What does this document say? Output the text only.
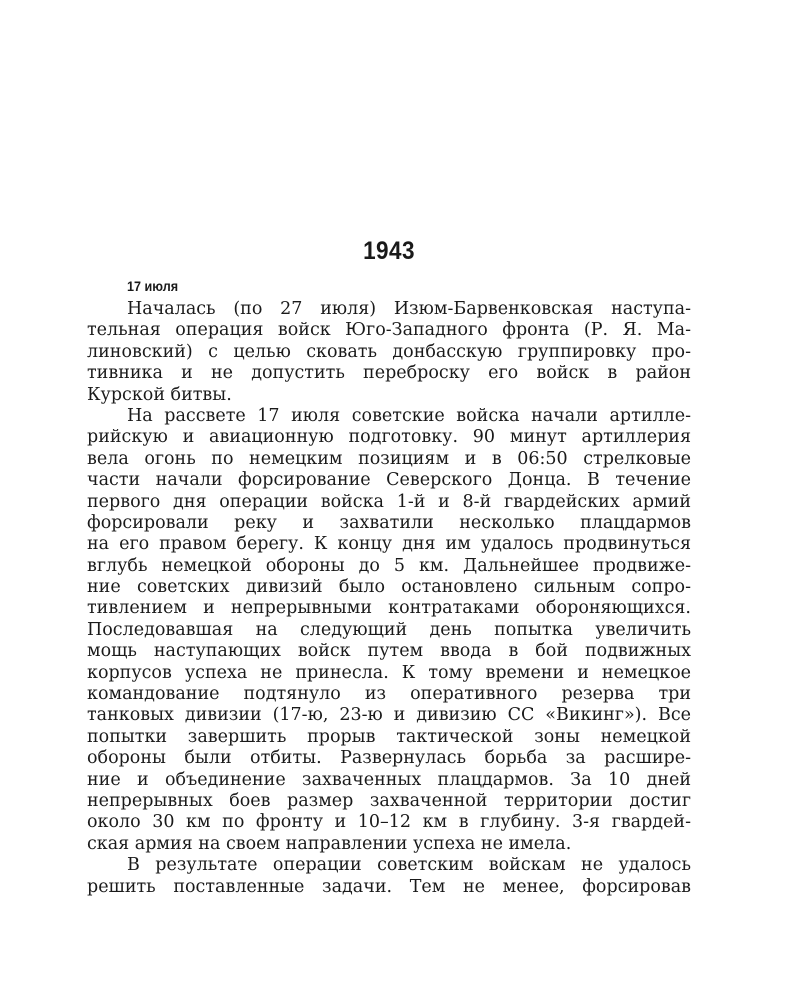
1943
17 июля
Началась (по 27 июля) Изюм-Барвенковская наступа-
тельная операция войск Юго-Западного фронта (Р. Я. Ма-
линовский) с целью сковать донбасскую группировку про-
тивника и не допустить переброску его войск в район
Курской битвы.
На рассвете 17 июля советские войска начали артилле-
рийскую и авиационную подготовку. 90 минут артиллерия
вела огонь по немецким позициям и в 06:50 стрелковые
части начали форсирование Северского Донца. В течение
первого дня операции войска 1-й и 8-й гвардейских армий
форсировали реку и захватили несколько плацдармов
на его правом берегу. К концу дня им удалось продвинуться
вглубь немецкой обороны до 5 км. Дальнейшее продвиже-
ние советских дивизий было остановлено сильным сопро-
тивлением и непрерывными контратаками обороняющихся.
Последовавшая на следующий день попытка увеличить
мощь наступающих войск путем ввода в бой подвижных
корпусов успеха не принесла. К тому времени и немецкое
командование подтянуло из оперативного резерва три
танковых дивизии (17-ю, 23-ю и дивизию СС «Викинг»). Все
попытки завершить прорыв тактической зоны немецкой
обороны были отбиты. Развернулась борьба за расшире-
ние и объединение захваченных плацдармов. За 10 дней
непрерывных боев размер захваченной территории достиг
около 30 км по фронту и 10–12 км в глубину. 3-я гвардей-
ская армия на своем направлении успеха не имела.
В результате операции советским войскам не удалось
решить поставленные задачи. Тем не менее, форсировав
